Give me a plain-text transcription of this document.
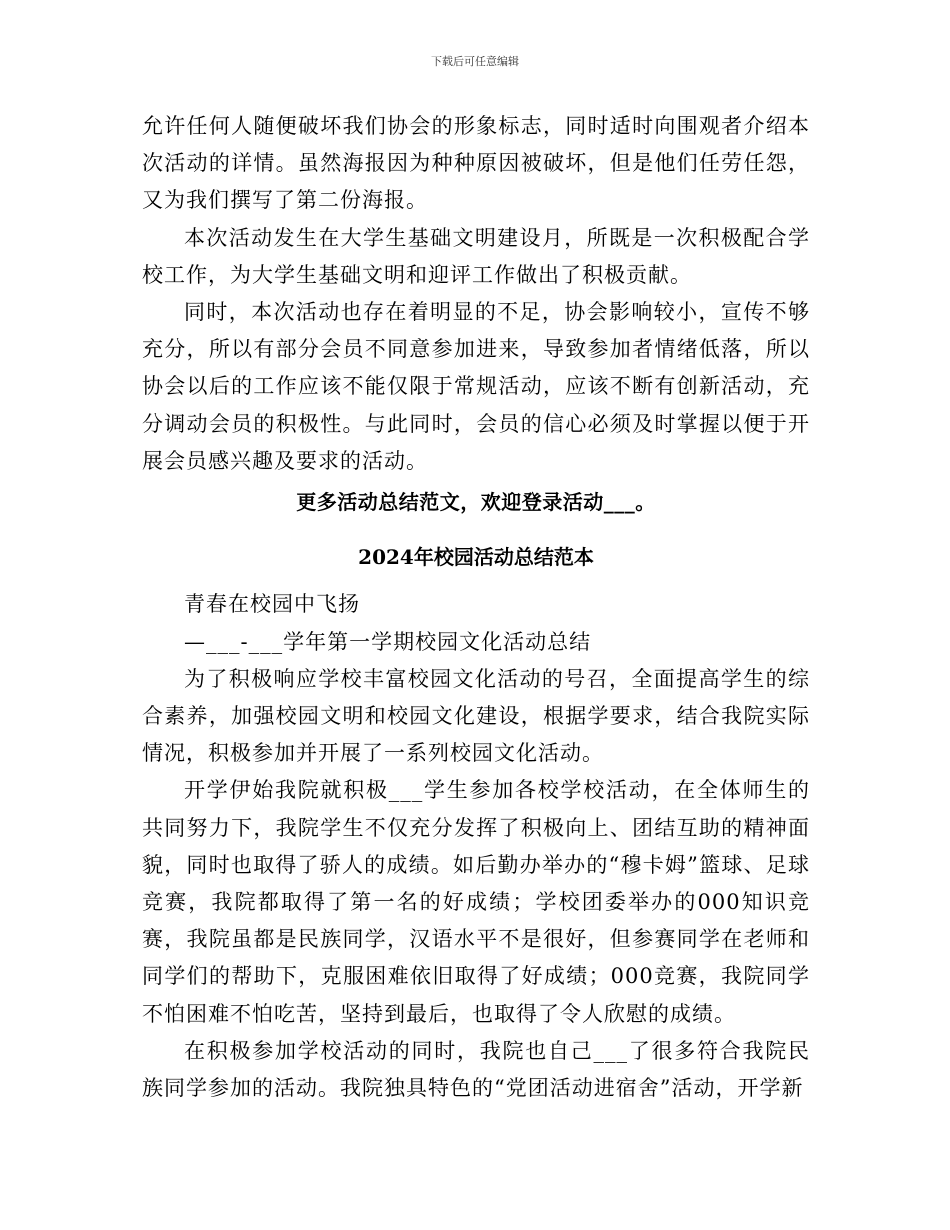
下载后可任意编辑

允许任何人随便破坏我们协会的形象标志，同时适时向围观者介绍本次活动的详情。虽然海报因为种种原因被破坏，但是他们任劳任怨，又为我们撰写了第二份海报。

本次活动发生在大学生基础文明建设月，所既是一次积极配合学校工作，为大学生基础文明和迎评工作做出了积极贡献。

同时，本次活动也存在着明显的不足，协会影响较小，宣传不够充分，所以有部分会员不同意参加进来，导致参加者情绪低落，所以协会以后的工作应该不能仅限于常规活动，应该不断有创新活动，充分调动会员的积极性。与此同时，会员的信心必须及时掌握以便于开展会员感兴趣及要求的活动。

更多活动总结范文，欢迎登录活动___。

2024年校园活动总结范本

青春在校园中飞扬

—___-___学年第一学期校园文化活动总结

为了积极响应学校丰富校园文化活动的号召，全面提高学生的综合素养，加强校园文明和校园文化建设，根据学要求，结合我院实际情况，积极参加并开展了一系列校园文化活动。

开学伊始我院就积极___学生参加各校学校活动，在全体师生的共同努力下，我院学生不仅充分发挥了积极向上、团结互助的精神面貌，同时也取得了骄人的成绩。如后勤办举办的“穆卡姆”篮球、足球竞赛，我院都取得了第一名的好成绩；学校团委举办的000知识竞赛，我院虽都是民族同学，汉语水平不是很好，但参赛同学在老师和同学们的帮助下，克服困难依旧取得了好成绩；000竞赛，我院同学不怕困难不怕吃苦，坚持到最后，也取得了令人欣慰的成绩。

在积极参加学校活动的同时，我院也自己___了很多符合我院民族同学参加的活动。我院独具特色的“党团活动进宿舍”活动，开学新
